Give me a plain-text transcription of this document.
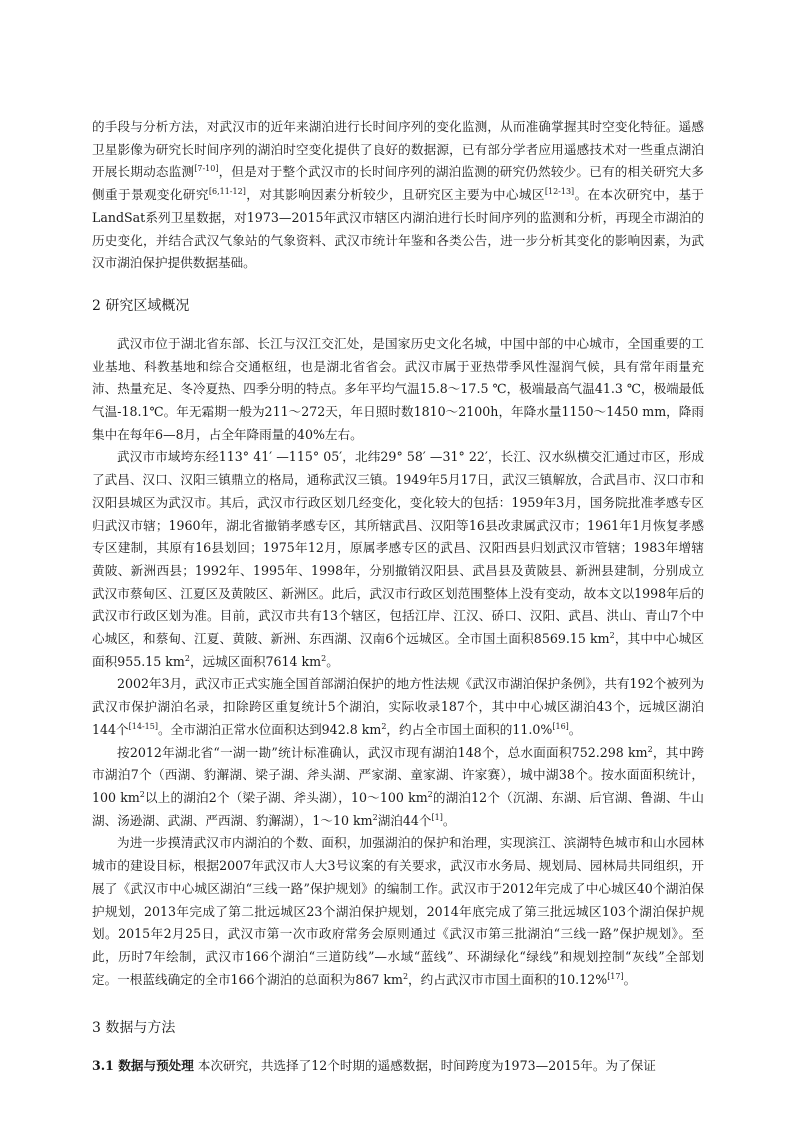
的手段与分析方法，对武汉市的近年来湖泊进行长时间序列的变化监测，从而准确掌握其时空变化特征。遥感卫星影像为研究长时间序列的湖泊时空变化提供了良好的数据源，已有部分学者应用遥感技术对一些重点湖泊开展长期动态监测[7-10]，但是对于整个武汉市的长时间序列的湖泊监测的研究仍然较少。已有的相关研究大多侧重于景观变化研究[6,11-12]，对其影响因素分析较少，且研究区主要为中心城区[12-13]。在本次研究中，基于LandSat系列卫星数据，对1973—2015年武汉市辖区内湖泊进行长时间序列的监测和分析，再现全市湖泊的历史变化，并结合武汉气象站的气象资料、武汉市统计年鉴和各类公告，进一步分析其变化的影响因素，为武汉市湖泊保护提供数据基础。

2 研究区域概况

武汉市位于湖北省东部、长江与汉江交汇处，是国家历史文化名城，中国中部的中心城市，全国重要的工业基地、科教基地和综合交通枢纽，也是湖北省省会。武汉市属于亚热带季风性湿润气候，具有常年雨量充沛、热量充足、冬冷夏热、四季分明的特点。多年平均气温15.8～17.5 ℃，极端最高气温41.3 ℃，极端最低气温-18.1℃。年无霜期一般为211～272天，年日照时数1810～2100h，年降水量1150～1450 mm，降雨集中在每年6—8月，占全年降雨量的40%左右。

武汉市市域垮东经113° 41′ —115° 05′，北纬29° 58′ —31° 22′，长江、汉水纵横交汇通过市区，形成了武昌、汉口、汉阳三镇鼎立的格局，通称武汉三镇。1949年5月17日，武汉三镇解放，合武昌市、汉口市和汉阳县城区为武汉市。其后，武汉市行政区划几经变化，变化较大的包括：1959年3月，国务院批准孝感专区归武汉市辖；1960年，湖北省撤销孝感专区，其所辖武昌、汉阳等16县改隶属武汉市；1961年1月恢复孝感专区建制，其原有16县划回；1975年12月，原属孝感专区的武昌、汉阳西县归划武汉市管辖；1983年增辖黄陂、新洲西县；1992年、1995年、1998年，分别撤销汉阳县、武昌县及黄陂县、新洲县建制，分别成立武汉市蔡甸区、江夏区及黄陂区、新洲区。此后，武汉市行政区划范围整体上没有变动，故本文以1998年后的武汉市行政区划为准。目前，武汉市共有13个辖区，包括江岸、江汉、硚口、汉阳、武昌、洪山、青山7个中心城区，和蔡甸、江夏、黄陂、新洲、东西湖、汉南6个远城区。全市国土面积8569.15 $km^2$，其中中心城区面积955.15 $km^2$，远城区面积7614 $km^2$。

2002年3月，武汉市正式实施全国首部湖泊保护的地方性法规《武汉市湖泊保护条例》，共有192个被列为武汉市保护湖泊名录，扣除跨区重复统计5个湖泊，实际收录187个，其中中心城区湖泊43个，远城区湖泊144个[14-15]。全市湖泊正常水位面积达到942.8 $km^2$，约占全市国土面积的11.0%[16]。

按2012年湖北省“一湖一勘”统计标准确认，武汉市现有湖泊148个，总水面面积752.298 $km^2$，其中跨市湖泊7个（西湖、豹澥湖、梁子湖、斧头湖、严家湖、童家湖、许家赛），城中湖38个。按水面面积统计，100 $km^2$以上的湖泊2个（梁子湖、斧头湖），10～100 $km^2$的湖泊12个（沉湖、东湖、后官湖、鲁湖、牛山湖、汤逊湖、武湖、严西湖、豹澥湖），1～10 $km^2$湖泊44个[1]。

为进一步摸清武汉市内湖泊的个数、面积，加强湖泊的保护和治理，实现滨江、滨湖特色城市和山水园林城市的建设目标，根据2007年武汉市人大3号议案的有关要求，武汉市水务局、规划局、园林局共同组织，开展了《武汉市中心城区湖泊“三线一路”保护规划》的编制工作。武汉市于2012年完成了中心城区40个湖泊保护规划，2013年完成了第二批远城区23个湖泊保护规划，2014年底完成了第三批远城区103个湖泊保护规划。2015年2月25日，武汉市第一次市政府常务会原则通过《武汉市第三批湖泊“三线一路”保护规划》。至此，历时7年绘制，武汉市166个湖泊“三道防线”—水域“蓝线”、环湖绿化“绿线”和规划控制“灰线”全部划定。一根蓝线确定的全市166个湖泊的总面积为867 $km^2$，约占武汉市市国土面积的10.12%[17]。

3 数据与方法

3.1 数据与预处理 本次研究，共选择了12个时期的遥感数据，时间跨度为1973—2015年。为了保证
